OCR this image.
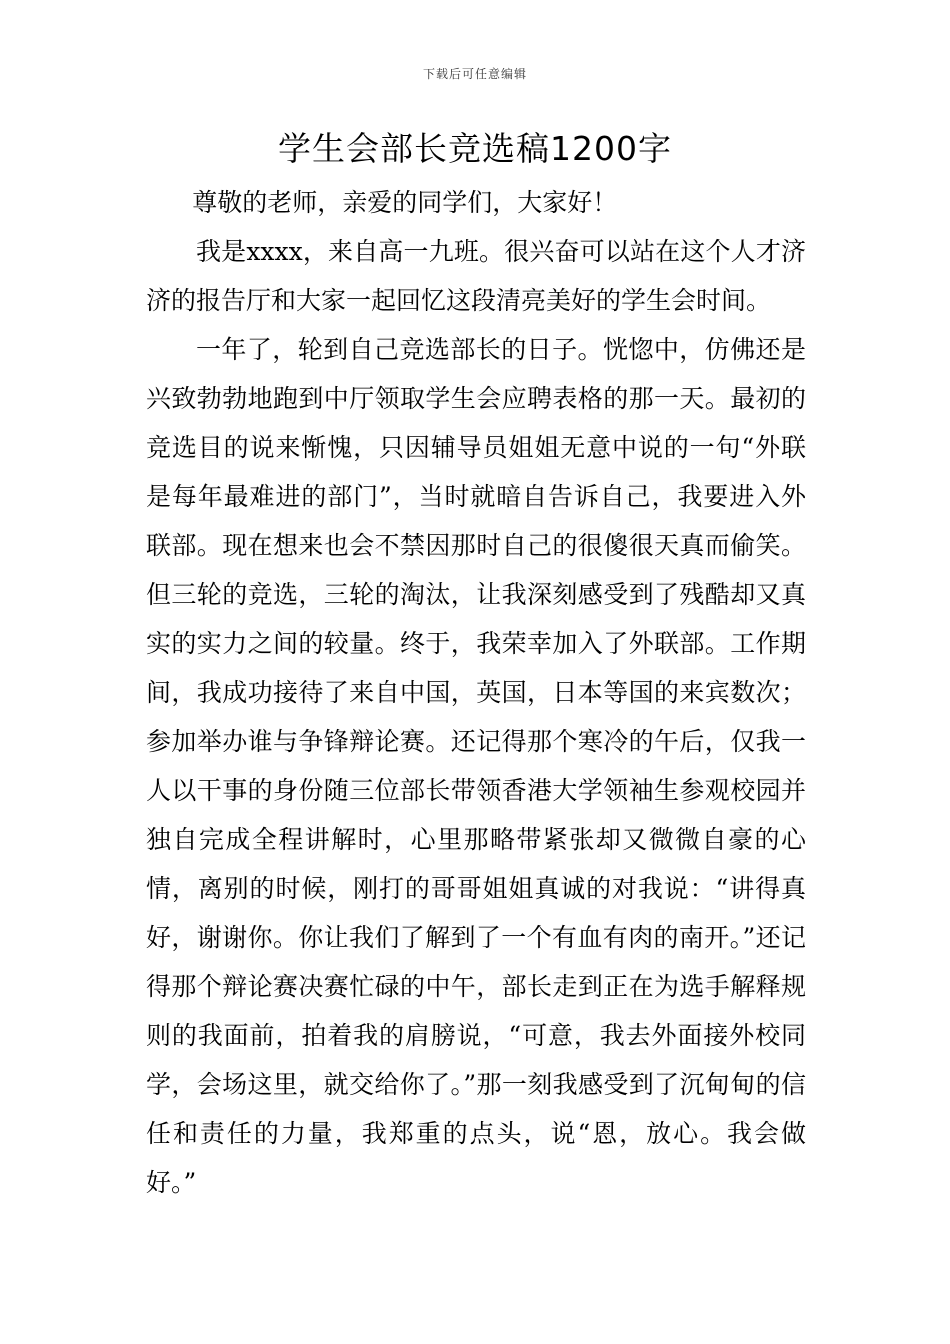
下载后可任意编辑
学生会部长竞选稿1200字

尊敬的老师，亲爱的同学们，大家好！

我是xxxx，来自高一九班。很兴奋可以站在这个人才济济的报告厅和大家一起回忆这段清亮美好的学生会时间。

一年了，轮到自己竞选部长的日子。恍惚中，仿佛还是兴致勃勃地跑到中厅领取学生会应聘表格的那一天。最初的竞选目的说来惭愧，只因辅导员姐姐无意中说的一句“外联是每年最难进的部门”，当时就暗自告诉自己，我要进入外联部。现在想来也会不禁因那时自己的很傻很天真而偷笑。但三轮的竞选，三轮的淘汰，让我深刻感受到了残酷却又真实的实力之间的较量。终于，我荣幸加入了外联部。工作期间，我成功接待了来自中国，英国，日本等国的来宾数次；参加举办谁与争锋辩论赛。还记得那个寒冷的午后，仅我一人以干事的身份随三位部长带领香港大学领袖生参观校园并独自完成全程讲解时，心里那略带紧张却又微微自豪的心情，离别的时候，刚打的哥哥姐姐真诚的对我说：“讲得真好，谢谢你。你让我们了解到了一个有血有肉的南开。”还记得那个辩论赛决赛忙碌的中午，部长走到正在为选手解释规则的我面前，拍着我的肩膀说，“可意，我去外面接外校同学，会场这里，就交给你了。”那一刻我感受到了沉甸甸的信任和责任的力量，我郑重的点头，说“恩，放心。我会做好。”
